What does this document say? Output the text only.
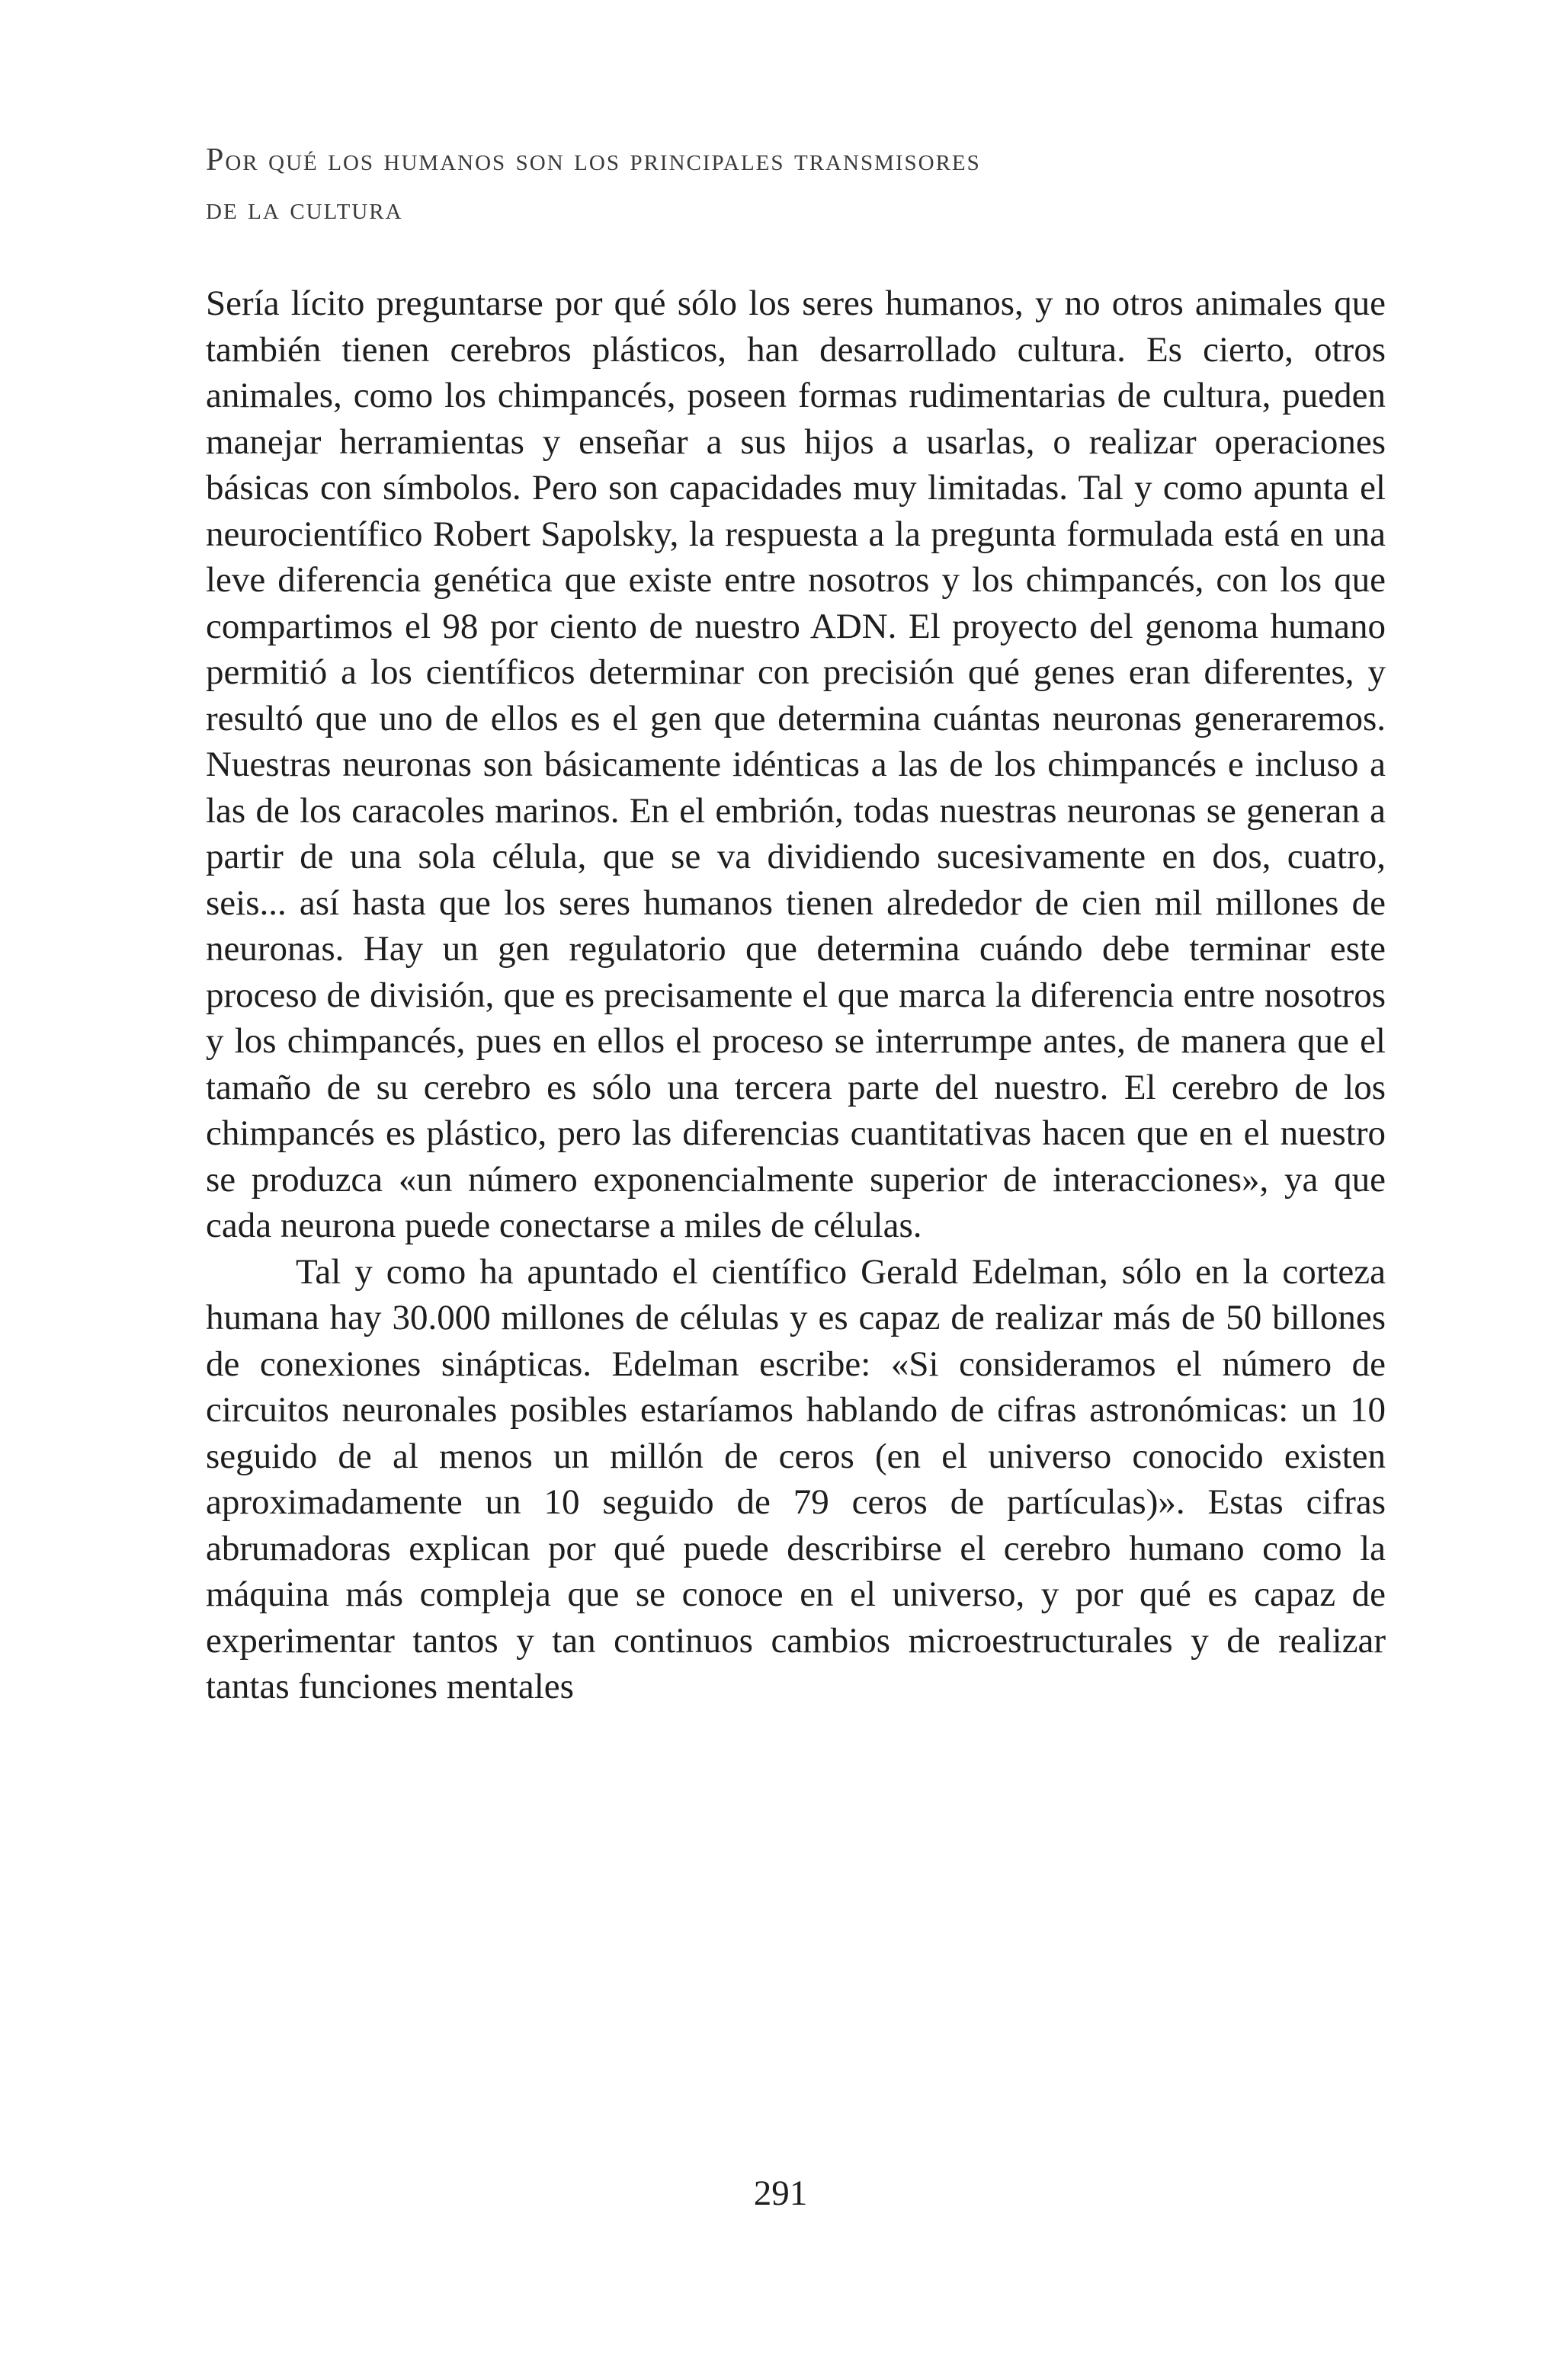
Por qué los humanos son los principales transmisores
de la cultura

Sería lícito preguntarse por qué sólo los seres humanos, y no otros animales que también tienen cerebros plásticos, han desarrollado cultura. Es cierto, otros animales, como los chimpancés, poseen formas rudimentarias de cultura, pueden manejar herramientas y enseñar a sus hijos a usarlas, o realizar operaciones básicas con símbolos. Pero son capacidades muy limitadas. Tal y como apunta el neurocientífico Robert Sapolsky, la respuesta a la pregunta formulada está en una leve diferencia genética que existe entre nosotros y los chimpancés, con los que compartimos el 98 por ciento de nuestro ADN. El proyecto del genoma humano permitió a los científicos determinar con precisión qué genes eran diferentes, y resultó que uno de ellos es el gen que determina cuántas neuronas generaremos. Nuestras neuronas son básicamente idénticas a las de los chimpancés e incluso a las de los caracoles marinos. En el embrión, todas nuestras neuronas se generan a partir de una sola célula, que se va dividiendo sucesivamente en dos, cuatro, seis... así hasta que los seres humanos tienen alrededor de cien mil millones de neuronas. Hay un gen regulatorio que determina cuándo debe terminar este proceso de división, que es precisamente el que marca la diferencia entre nosotros y los chimpancés, pues en ellos el proceso se interrumpe antes, de manera que el tamaño de su cerebro es sólo una tercera parte del nuestro. El cerebro de los chimpancés es plástico, pero las diferencias cuantitativas hacen que en el nuestro se produzca «un número exponencialmente superior de interacciones», ya que cada neurona puede conectarse a miles de células.

Tal y como ha apuntado el científico Gerald Edelman, sólo en la corteza humana hay 30.000 millones de células y es capaz de realizar más de 50 billones de conexiones sinápticas. Edelman escribe: «Si consideramos el número de circuitos neuronales posibles estaríamos hablando de cifras astronómicas: un 10 seguido de al menos un millón de ceros (en el universo conocido existen aproximadamente un 10 seguido de 79 ceros de partículas)». Estas cifras abrumadoras explican por qué puede describirse el cerebro humano como la máquina más compleja que se conoce en el universo, y por qué es capaz de experimentar tantos y tan continuos cambios microestructurales y de realizar tantas funciones mentales

291
